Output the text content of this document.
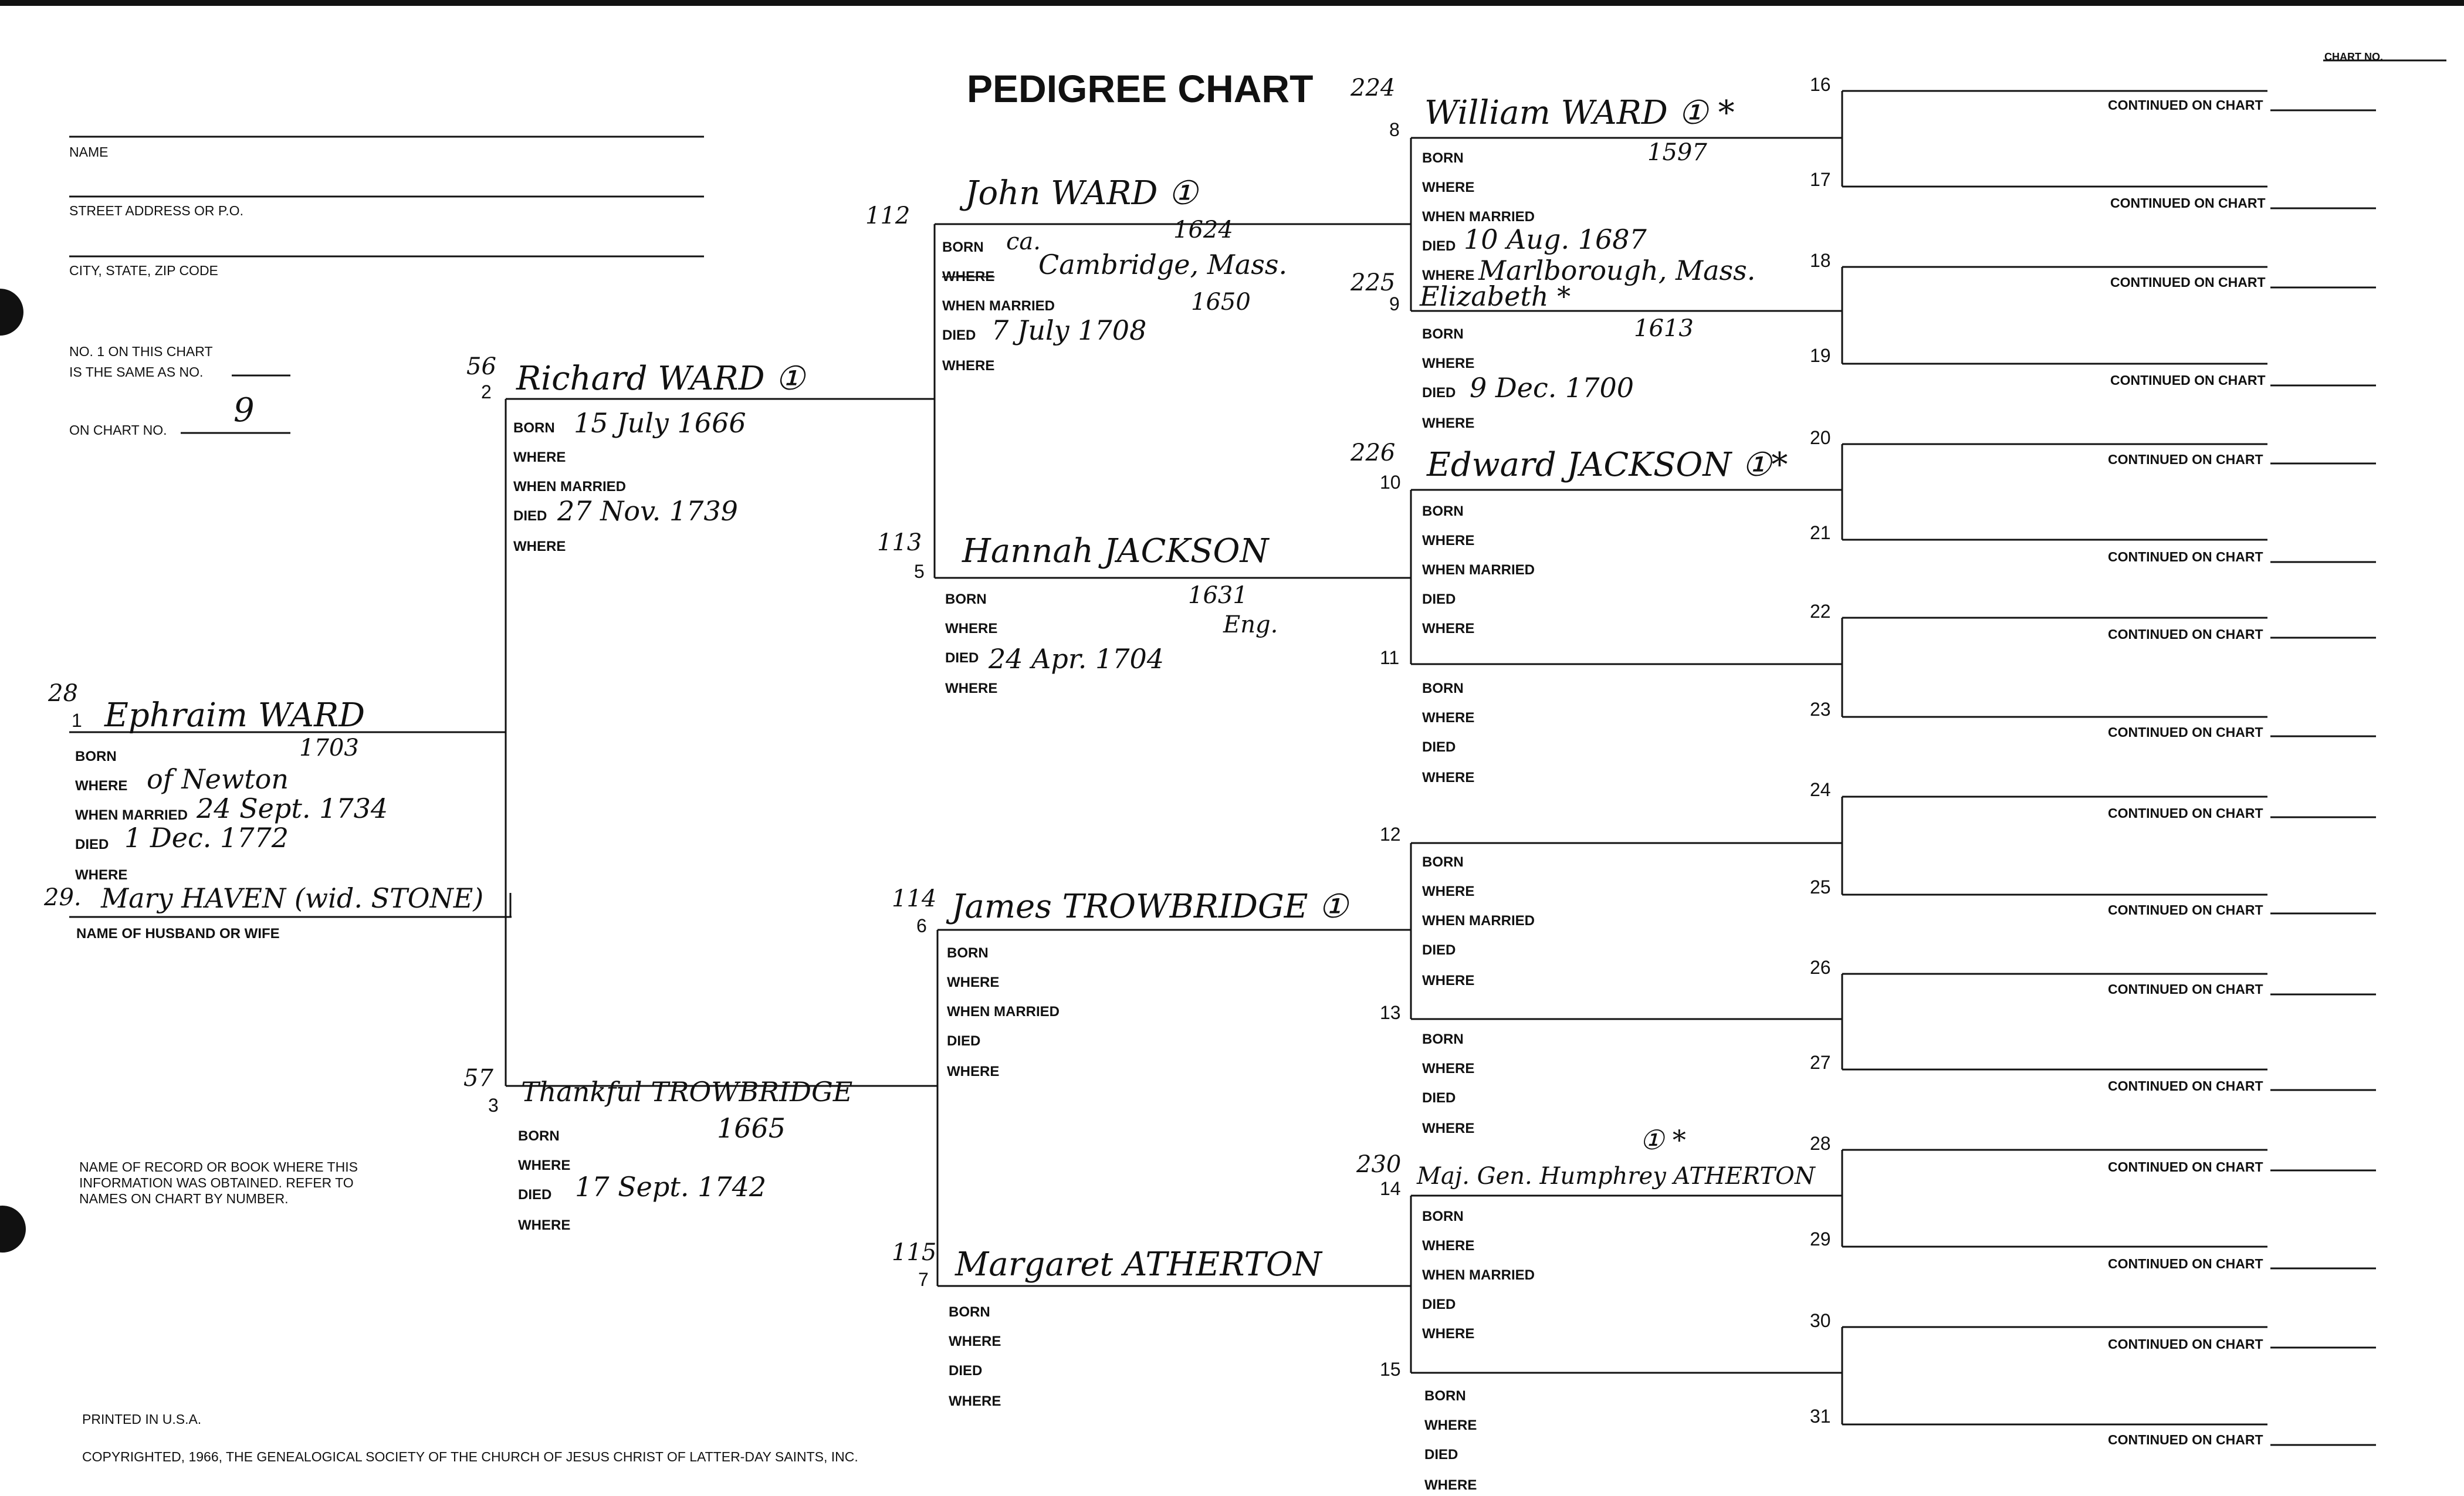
PEDIGREE CHART
CHART NO.
NAME
STREET ADDRESS OR P.O.
CITY, STATE, ZIP CODE
NO. 1 ON THIS CHART
IS THE SAME AS NO.
ON CHART NO.
9
28
1 Ephraim WARD
BORN	1703
WHERE of Newton
WHEN MARRIED 24 Sept. 1734
DIED 1 Dec. 1772
WHERE
29. Mary HAVEN (wid. STONE)
NAME OF HUSBAND OR WIFE
56
2 Richard WARD ①
BORN 15 July 1666
WHERE
WHEN MARRIED
DIED 27 Nov. 1739
WHERE
57
3 Thankful TROWBRIDGE
BORN	1665
WHERE
DIED 17 Sept. 1742
WHERE
112
John WARD ①
BORN ca.	1624
WHERE Cambridge, Mass.
WHEN MARRIED	1650
DIED 7 July 1708
WHERE
113
5
Hannah JACKSON
BORN	1631
WHERE	Eng.
DIED 24 Apr. 1704
WHERE
114
6 James TROWBRIDGE ①
BORN
WHERE
WHEN MARRIED
DIED
WHERE
115
7 Margaret ATHERTON
BORN
WHERE
DIED
WHERE
224
8 William WARD ① *
BORN	1597
WHERE
WHEN MARRIED
DIED 10 Aug. 1687
WHERE Marlborough, Mass.
225
9 Elizabeth *
BORN	1613
WHERE
DIED 9 Dec. 1700
WHERE
226
10 Edward JACKSON ①*
BORN
WHERE
WHEN MARRIED
DIED
WHERE
11
BORN
WHERE
DIED
WHERE
12
BORN
WHERE
WHEN MARRIED
DIED
WHERE
13
BORN
WHERE
DIED
WHERE
230
① *
14 Maj. Gen. Humphrey ATHERTON
BORN
WHERE
WHEN MARRIED
DIED
WHERE
15
BORN
WHERE
DIED
WHERE
16
17
18
19
20
21
22
23
24
25
26
27
28
29
30
31
CONTINUED ON CHART
CONTINUED ON CHART
CONTINUED ON CHART
CONTINUED ON CHART
CONTINUED ON CHART
CONTINUED ON CHART
CONTINUED ON CHART
CONTINUED ON CHART
CONTINUED ON CHART
CONTINUED ON CHART
CONTINUED ON CHART
CONTINUED ON CHART
CONTINUED ON CHART
CONTINUED ON CHART
CONTINUED ON CHART
CONTINUED ON CHART
NAME OF RECORD OR BOOK WHERE THIS
INFORMATION WAS OBTAINED. REFER TO
NAMES ON CHART BY NUMBER.
PRINTED IN U.S.A.
COPYRIGHTED, 1966, THE GENEALOGICAL SOCIETY OF THE CHURCH OF JESUS CHRIST OF LATTER-DAY SAINTS, INC.
